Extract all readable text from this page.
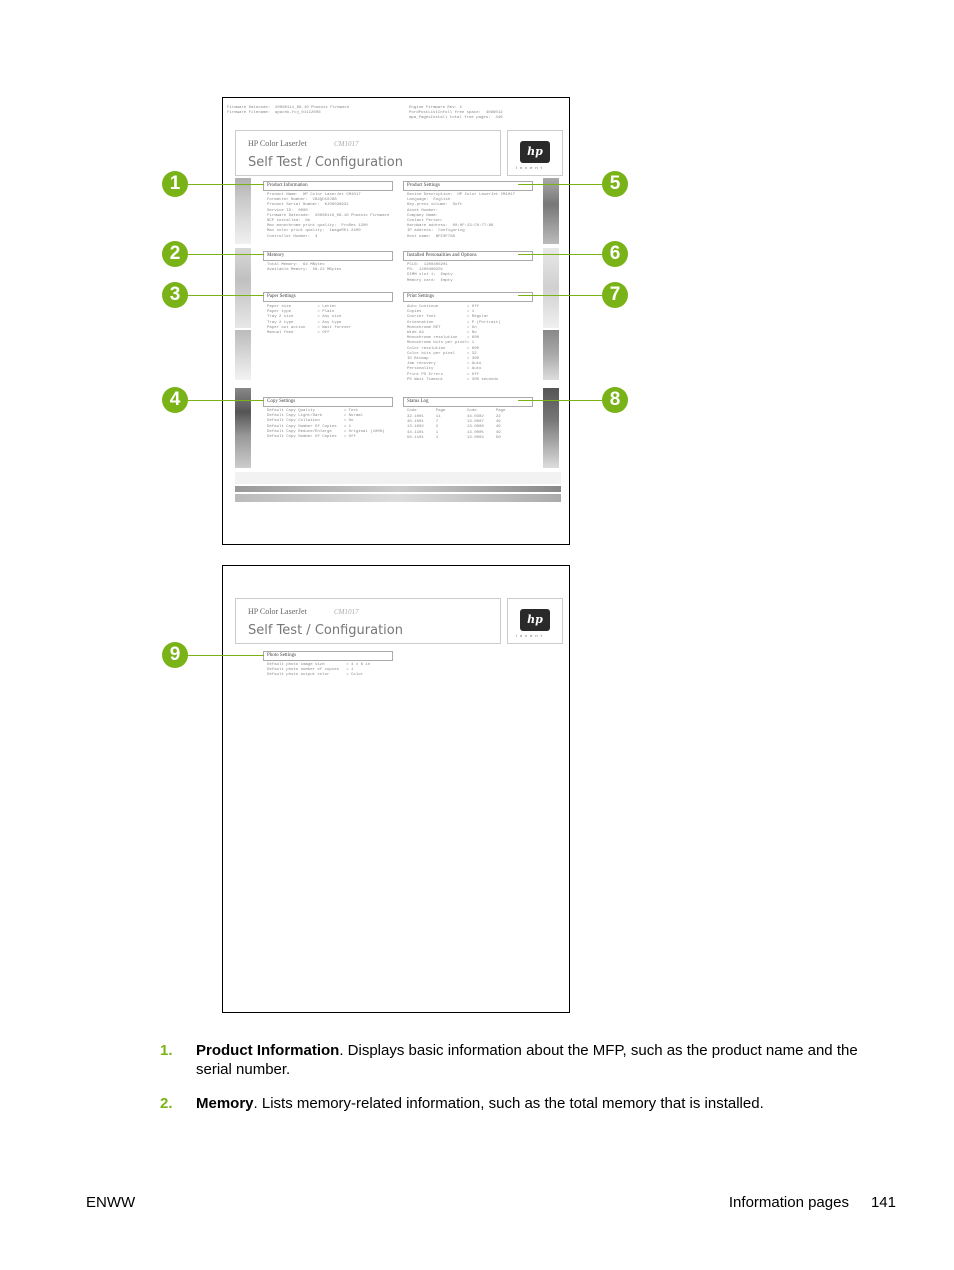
Firmware Datecode:  20060111_06.10 Phoenix Firmware
Firmware Filename:  apachk-fcj_01112006
Engine Firmware Rev: 4
PordPostListInfoll free space:  4096012
mpa_PagesInstall total free pages:  446
HP Color LaserJet	CM1017
Self Test / Configuration
hp
invent
Product Information
Product Name:  HP Color LaserJet CM1017
Formatter Number:  CB4QD10J9B
Product Serial Number:  KJ00038931
Service ID:  0000
Firmware Datecode:  20060110_06.10 Phoenix Firmware
NCP installed:  No
Max monochrome print quality:  ProRes 1200
Max color print quality:  ImageREt 2400
Controller Number:  4
Memory
Total Memory:  64 MBytes
Available Memory:  58.22 MBytes
Paper Settings
Paper size           = Letter
Paper type           = Plain
Tray 2 size          = Any size
Tray 2 type          = Any type
Paper out action     = Wait forever
Manual feed          = Off
Copy Settings
Default Copy Quality            = Text
Default Copy Light/Dark         = Normal
Default Copy Collation          = On
Default Copy Number Of Copies   = 1
Default Copy Reduce/Enlarge     = Original (100%)
Default Copy Number Of Copies   = Off
Product Settings
Device Description:  HP Color LaserJet CM1017
Language:  English
Key-press volume:  Soft
Asset Number:
Company Name:
Contact Person:
Hardware address:  00:0F:23:C0:77:88
IP address:  Configuring
Host name:  NPI0F788
Installed Personalities and Options
PCL6:  1200406201
PS:  1200406201
DIMM slot 1:  Empty
Memory card:  Empty
Print Settings
Auto Continue            = Off
Copies                   = 1
Courier font             = Regular
Orientation              = P (Portrait)
Monochrome RET           = On
Wide A4                  = No
Monochrome resolution    = 600
Monochrome bits per pixel= 1
Color resolution         = 600
Color bits per pixel     = 32
ID Bitmap                = 300
Jam recovery             = Auto
Personality              = Auto
Print PS Errors          = Off
PS Wait Timeout          = 300 seconds
Status Log
Code        Page         Code        Page
32.1001     11           44.0302     22
40.1001     7            13.0007     49
13.1002     2            13.0008     49
44.1101     1            13.0005     49
50.1101     1            13.0004     50
HP Color LaserJet	CM1017
Self Test / Configuration
hp
invent
Photo Settings
Default photo image size         = 4 x 6 in
Default photo number of copies   = 1
Default photo output color       = Color
1
2
3
4
5
6
7
8
9
1. Product Information. Displays basic information about the MFP, such as the product name and the serial number.
2. Memory. Lists memory-related information, such as the total memory that is installed.
ENWW	Information pages 141
